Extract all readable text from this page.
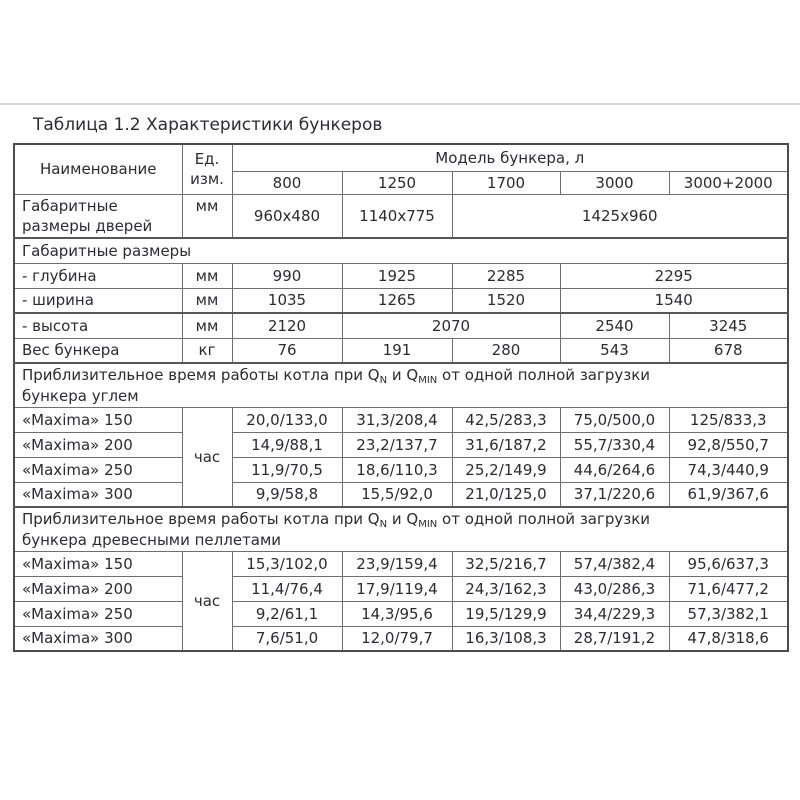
Таблица 1.2 Характеристики бункеров
Наименование	Ед. изм.	Модель бункера, л				
		800	1250	1700	3000	3000+2000
Габаритные размеры дверей	мм	960x480	1140x775	1425x960		
Габаритные размеры						
- глубина	мм	990	1925	2285	2295	
- ширина	мм	1035	1265	1520	1540	
- высота	мм	2120	2070		2540	3245
Вес бункера	кг	76	191	280	543	678
Приблизительное время работы котла при $Q_N$ и $Q_{MIN}$ от одной полной загрузки
бункера углем						
«Maxima» 150	час	20,0/133,0	31,3/208,4	42,5/283,3	75,0/500,0	125/833,3
«Maxima» 200		14,9/88,1	23,2/137,7	31,6/187,2	55,7/330,4	92,8/550,7
«Maxima» 250		11,9/70,5	18,6/110,3	25,2/149,9	44,6/264,6	74,3/440,9
«Maxima» 300		9,9/58,8	15,5/92,0	21,0/125,0	37,1/220,6	61,9/367,6
Приблизительное время работы котла при $Q_N$ и $Q_{MIN}$ от одной полной загрузки
бункера древесными пеллетами						
«Maxima» 150	час	15,3/102,0	23,9/159,4	32,5/216,7	57,4/382,4	95,6/637,3
«Maxima» 200		11,4/76,4	17,9/119,4	24,3/162,3	43,0/286,3	71,6/477,2
«Maxima» 250		9,2/61,1	14,3/95,6	19,5/129,9	34,4/229,3	57,3/382,1
«Maxima» 300		7,6/51,0	12,0/79,7	16,3/108,3	28,7/191,2	47,8/318,6
